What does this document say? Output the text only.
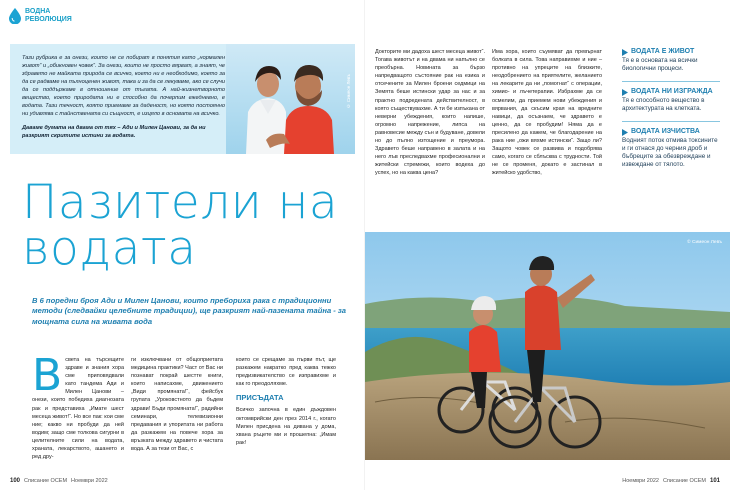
ВОДНА
РЕВОЛЮЦИЯ

Тази рубрика е за онези, които не се побират в понятия като „нормален живот“ и „обикновен човек“. За онези, които не просто вярват, а знаят, че здравето не майката природа се всичко, което ни е необходимо, което за да се радваме на пълноценен живот, така и за да се лекуваме, ако се случи да се поддържаме в отношение от тъгата. А най-жизнетворното вещество, което природата ни е способно да почерпим ежедневно, е водата. Тази течност, която приемаме за даденост, но която постоянно ни удивлява с тайнствената си същност, е изцяло в основата на всичко.

Даваме думата на двама от тях – Ади и Милен Цанови, за да ни разкрият скритите истини за водата.

© Симеон Левъ
Пазители на водата

В 6 поредни броя Ади и Милен Цанови, които преборихa рака с традиционни методи (следвайки целебните традиции), ще разкрият най-пазената тайна - за мощната сила на живата вода

В света на търсещите здраве и знания хора сме приповядвали като тандема Ади и Милен Цанови – онези, които победиха диагнозата рак и представиха „Имате шест месеца живот!“. Но все пак: кои сме ние; какво ни пробуди да ней водим; защо сме толкова сигурни в целителните сили на водата, храната, лекарството, ашането и ред дру-
ги изключвани от общоприетата медицина практики? Част от Вас ни познават покрай шестте книги, които написахме, движението „Види промяната!“, фейсбук групата „Уроковстното да бъдем здрави! Бъди промяната!“, радийни семинари, телевизионни предавания и упоритата ни работа да разкажем на повече хора за връзката между здравето и чистата вода. А за тези от Вас, с

които се срещаме за първи път, ще разкажем накратко пред каква тежко предизвикателство се изправихме и как го преодоляхме.

ПРИСЪДАТА

Всичко започна в един дъждовен октомврийски ден през 2014 г., когато Милен присдена на дивана у дома, хвана ръцете ми и прошепна: „Имам рак!

100 Списание ОСЕМ Ноември 2022
Докторите ми дадоха шест месеца живот“. Тогава животът и на двама ни напълно се преобърна. Новината за бързо напредващото състояние рак на езика и отсечените за Милен броени седмици на Земята беше истински удар за нас и за практно подредената действителност, в която съществувахме. А ти бе изпъкана от неверни убеждения, които напише, огромно напрежение, липса на равновесие между сън и будуване, довели но до пълно изтощение и преумора. Здравето беше направено в залата и на него лъв преследвахме професионални и житейски стремежи, които водеха до успех, но на каква цена?
Има хора, които съумяват да превърнат болката в сила. Това направихме и ние – противно на упреците на близките, неодобрението на приятелите, желанието на лекарите да ни „помогнат“ с операции, химио- и лъчетерапии. Избрахме да се осмелим, да приемем нови убеждения и вярвания, да скъсим края на вредните навици, да осъзнаем, че здравето е ценно, да се пробудим! Няма да е пресилено да кажем, че благодарение на рака ние „ожи вяхме истински“. Защо ли? Защото човек се развива и подобрява само, когато се сблъсква с трудности. Той не се променя, докато е застинал в житейско удобство,
ВОДАТА Е ЖИВОТ
Тя е в основата на всички биологични процеси.
ВОДАТА НИ ИЗГРАЖДА
Тя е способното вещество в архитектурата на клетката.
ВОДАТА ИЗЧИСТВА
Водният поток отмива токсините и ги отнася до черния дроб и бъбреците за обезвреждане и извеждане от тялото.
© Симеон Левъ
Ноември 2022 Списание ОСЕМ 101
